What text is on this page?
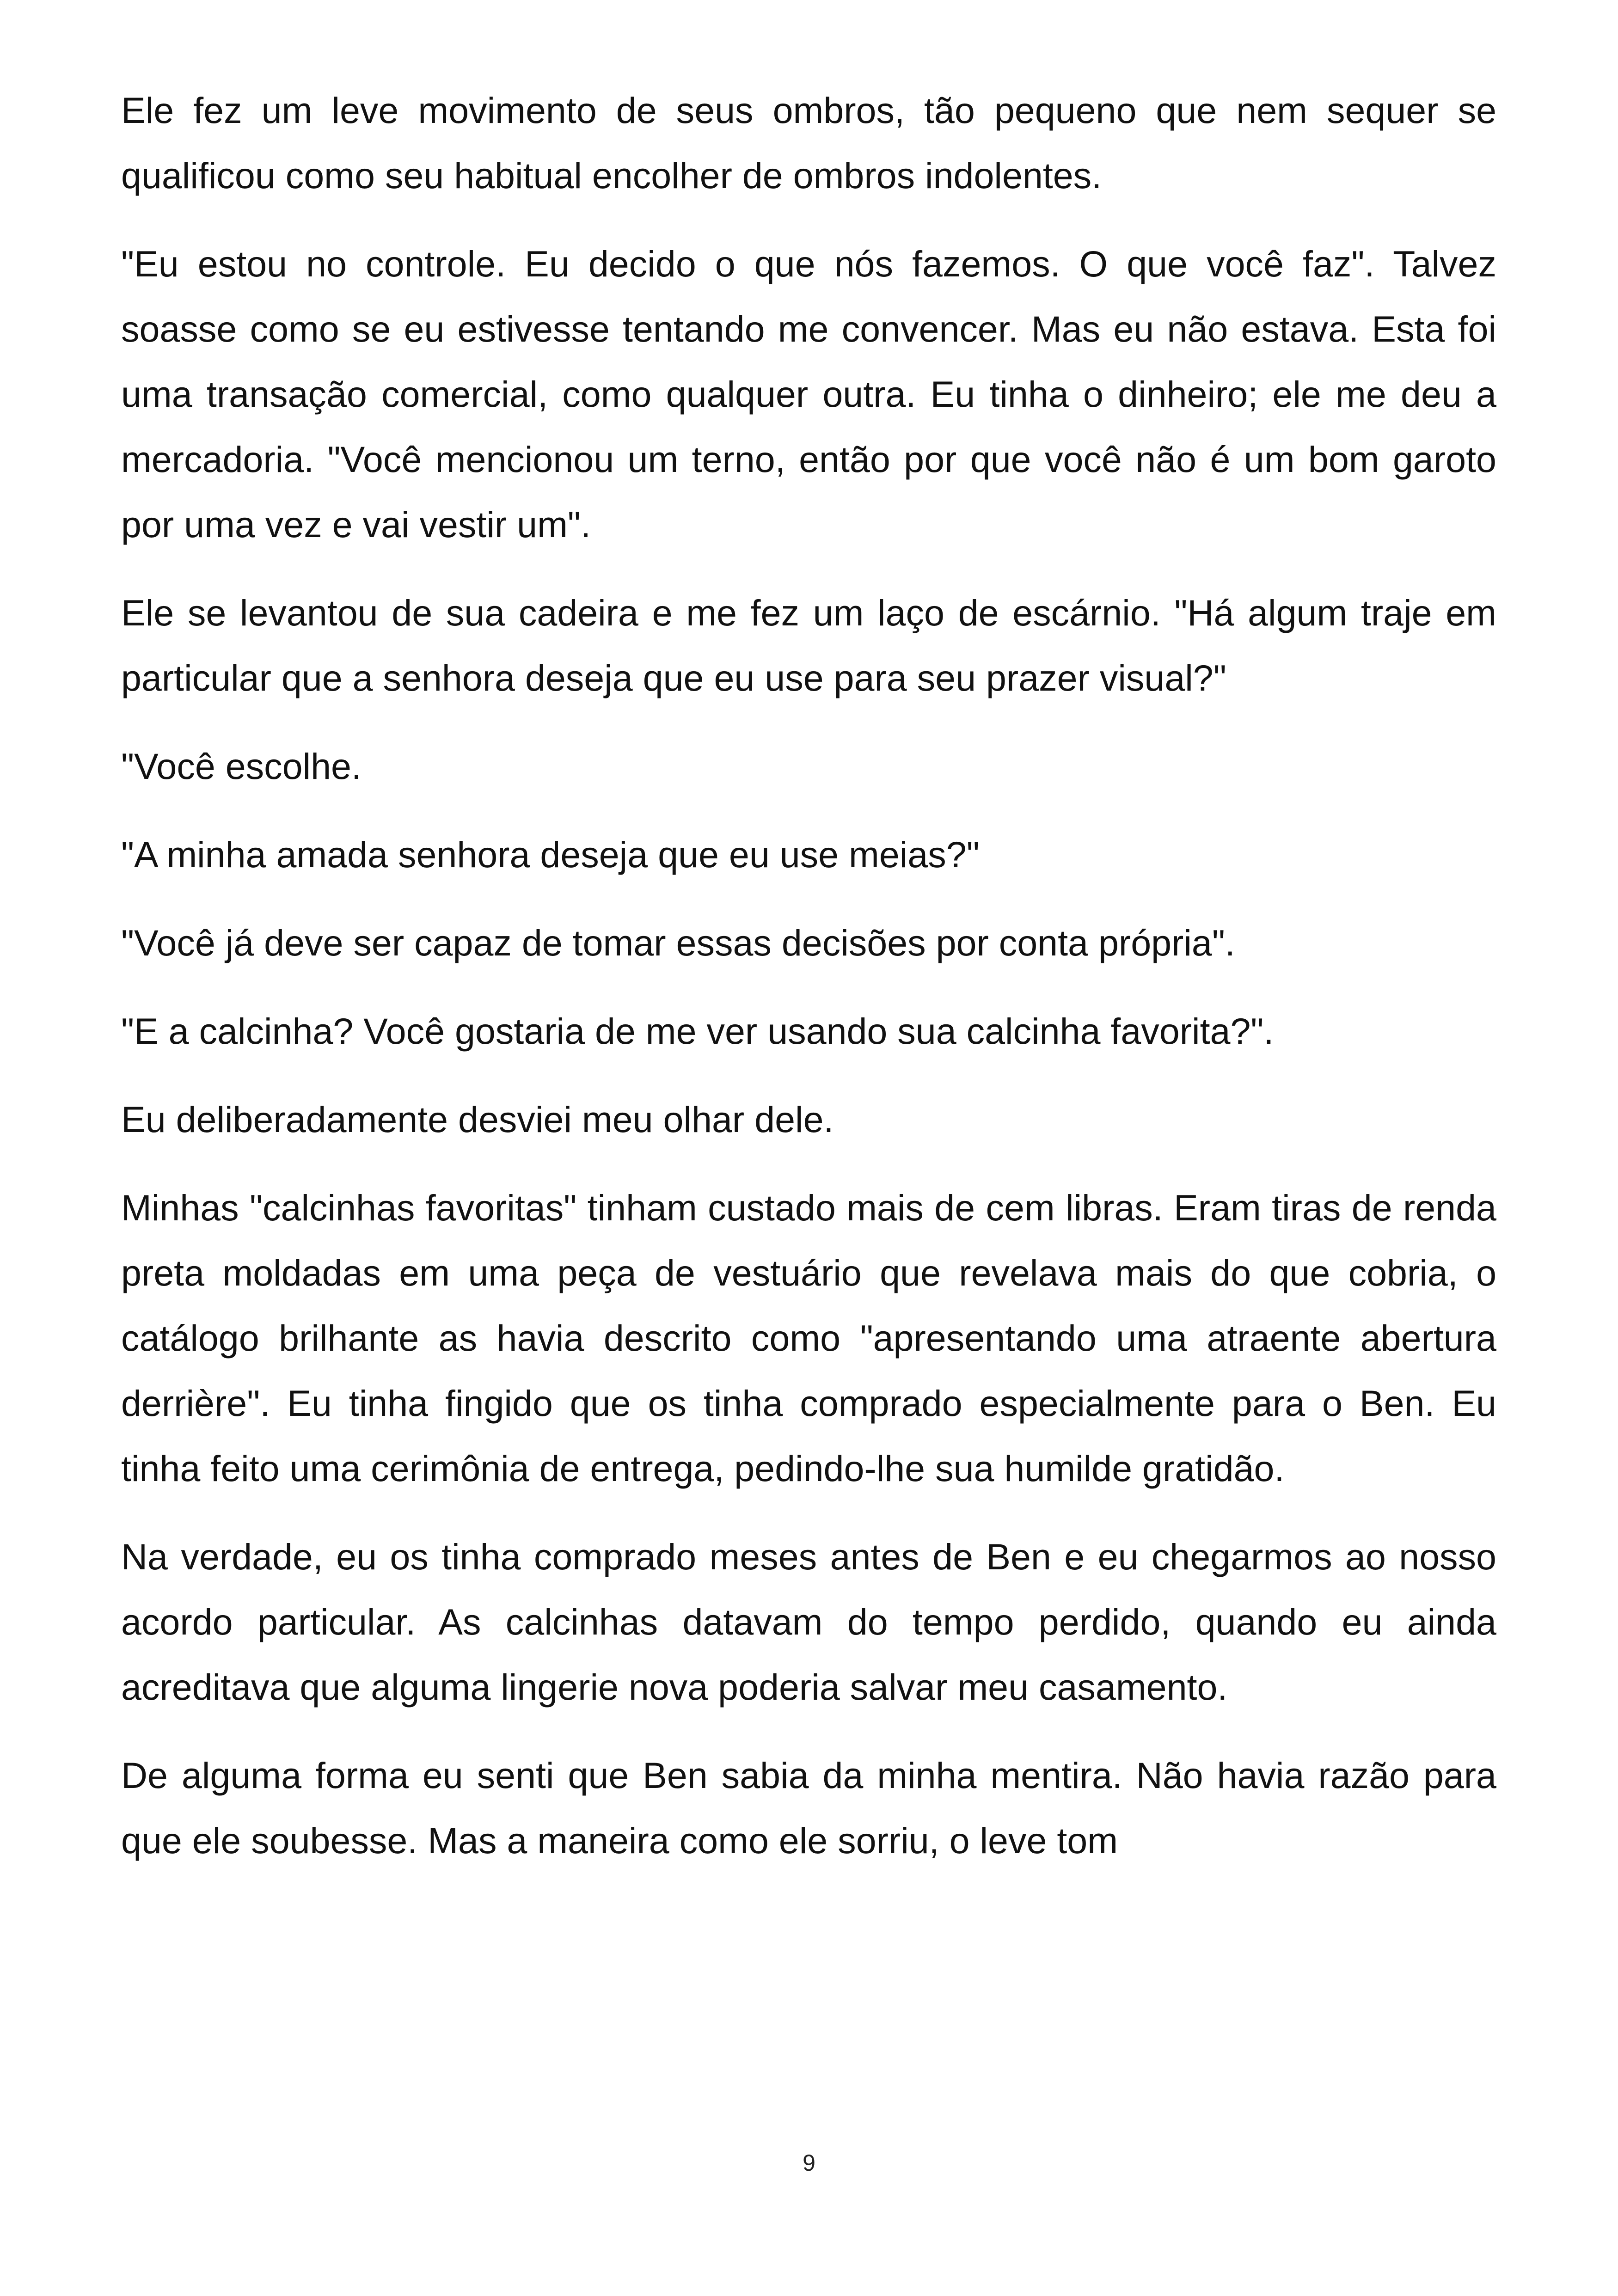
Ele fez um leve movimento de seus ombros, tão pequeno que nem sequer se qualificou como seu habitual encolher de ombros indolentes.

"Eu estou no controle. Eu decido o que nós fazemos. O que você faz". Talvez soasse como se eu estivesse tentando me convencer. Mas eu não estava. Esta foi uma transação comercial, como qualquer outra. Eu tinha o dinheiro; ele me deu a mercadoria. "Você mencionou um terno, então por que você não é um bom garoto por uma vez e vai vestir um".

Ele se levantou de sua cadeira e me fez um laço de escárnio. "Há algum traje em particular que a senhora deseja que eu use para seu prazer visual?"

"Você escolhe.

"A minha amada senhora deseja que eu use meias?"

"Você já deve ser capaz de tomar essas decisões por conta própria".

"E a calcinha? Você gostaria de me ver usando sua calcinha favorita?".

Eu deliberadamente desviei meu olhar dele.

Minhas "calcinhas favoritas" tinham custado mais de cem libras. Eram tiras de renda preta moldadas em uma peça de vestuário que revelava mais do que cobria, o catálogo brilhante as havia descrito como "apresentando uma atraente abertura derrière". Eu tinha fingido que os tinha comprado especialmente para o Ben. Eu tinha feito uma cerimônia de entrega, pedindo-lhe sua humilde gratidão.

Na verdade, eu os tinha comprado meses antes de Ben e eu chegarmos ao nosso acordo particular. As calcinhas datavam do tempo perdido, quando eu ainda acreditava que alguma lingerie nova poderia salvar meu casamento.

De alguma forma eu senti que Ben sabia da minha mentira. Não havia razão para que ele soubesse. Mas a maneira como ele sorriu, o leve tom

9
